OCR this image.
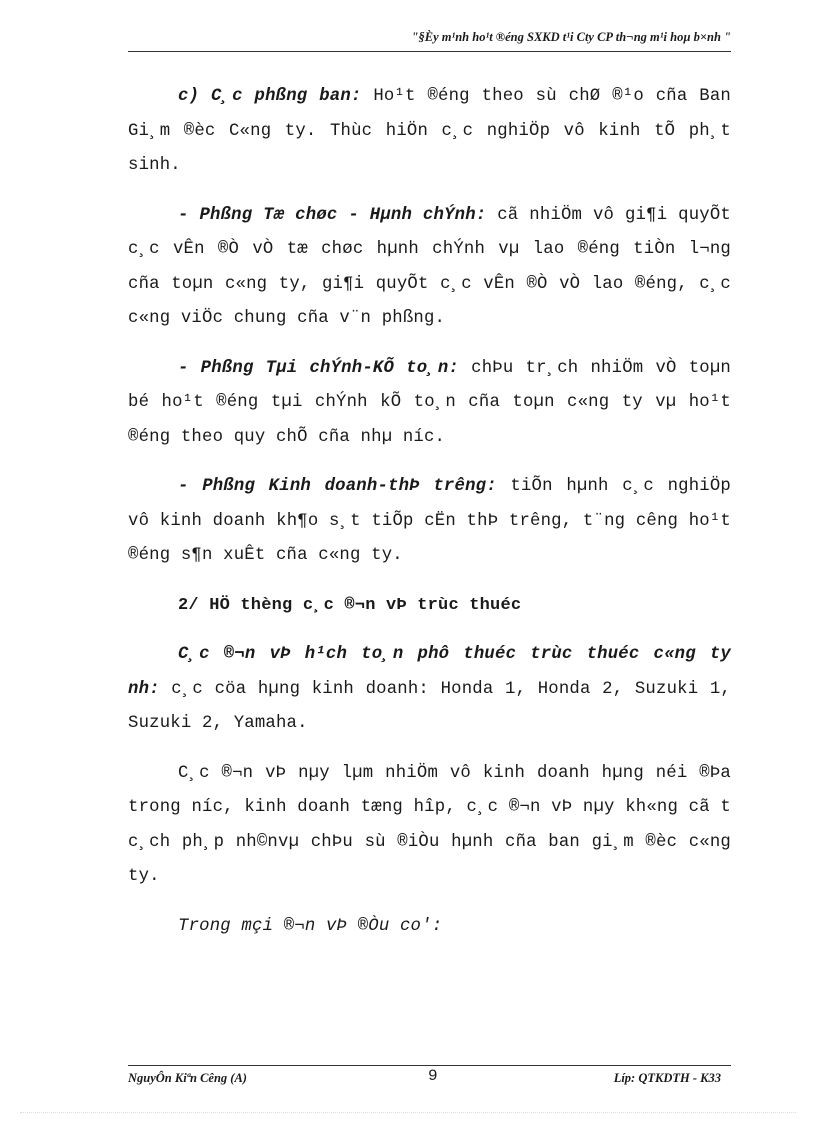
"§Èy m¹nh ho¹t ®éng SXKD t¹i Cty CP th¬ng m¹i hoµ b×nh "

c) C¸c phßng ban: Ho¹t ®éng theo sù chØ ®¹o cña Ban Gi¸m ®èc C«ng ty. Thùc hiÖn c¸c nghiÖp vô kinh tÕ ph¸t sinh.

- Phßng Tæ chøc - Hµnh chÝnh: cã nhiÖm vô gi¶i quyÕt c¸c vÊn ®Ò vÒ tæ chøc hµnh chÝnh vµ lao ®éng tiÒn l¬ng cña toµn c«ng ty, gi¶i quyÕt c¸c vÊn ®Ò vÒ lao ®éng, c¸c c«ng viÖc chung cña v¨n phßng.

- Phßng Tµi chÝnh-KÕ to¸n: chÞu tr¸ch nhiÖm vÒ toµn bé ho¹t ®éng tµi chÝnh kÕ to¸n cña toµn c«ng ty vµ ho¹t ®éng theo quy chÕ cña nhµ níc.

- Phßng Kinh doanh-thÞ trêng: tiÕn hµnh c¸c nghiÖp vô kinh doanh kh¶o s¸t tiÕp cËn thÞ trêng, t¨ng cêng ho¹t ®éng s¶n xuÊt cña c«ng ty.

2/ HÖ thèng c¸c ®¬n vÞ trùc thuéc

C¸c ®¬n vÞ h¹ch to¸n phô thuéc trùc thuéc c«ng ty nh: c¸c cöa hµng kinh doanh: Honda 1, Honda 2, Suzuki 1, Suzuki 2, Yamaha.

C¸c ®¬n vÞ nµy lµm nhiÖm vô kinh doanh hµng néi ®Þa trong níc, kinh doanh tæng hîp, c¸c ®¬n vÞ nµy kh«ng cã t c¸ch ph¸p nh©nvµ chÞu sù ®iÒu hµnh cña ban gi¸m ®èc c«ng ty.

Trong mçi ®¬n vÞ ®Òu co':

NguyÔn Kiªn Cêng (A)	9	Líp: QTKDTH - K33
